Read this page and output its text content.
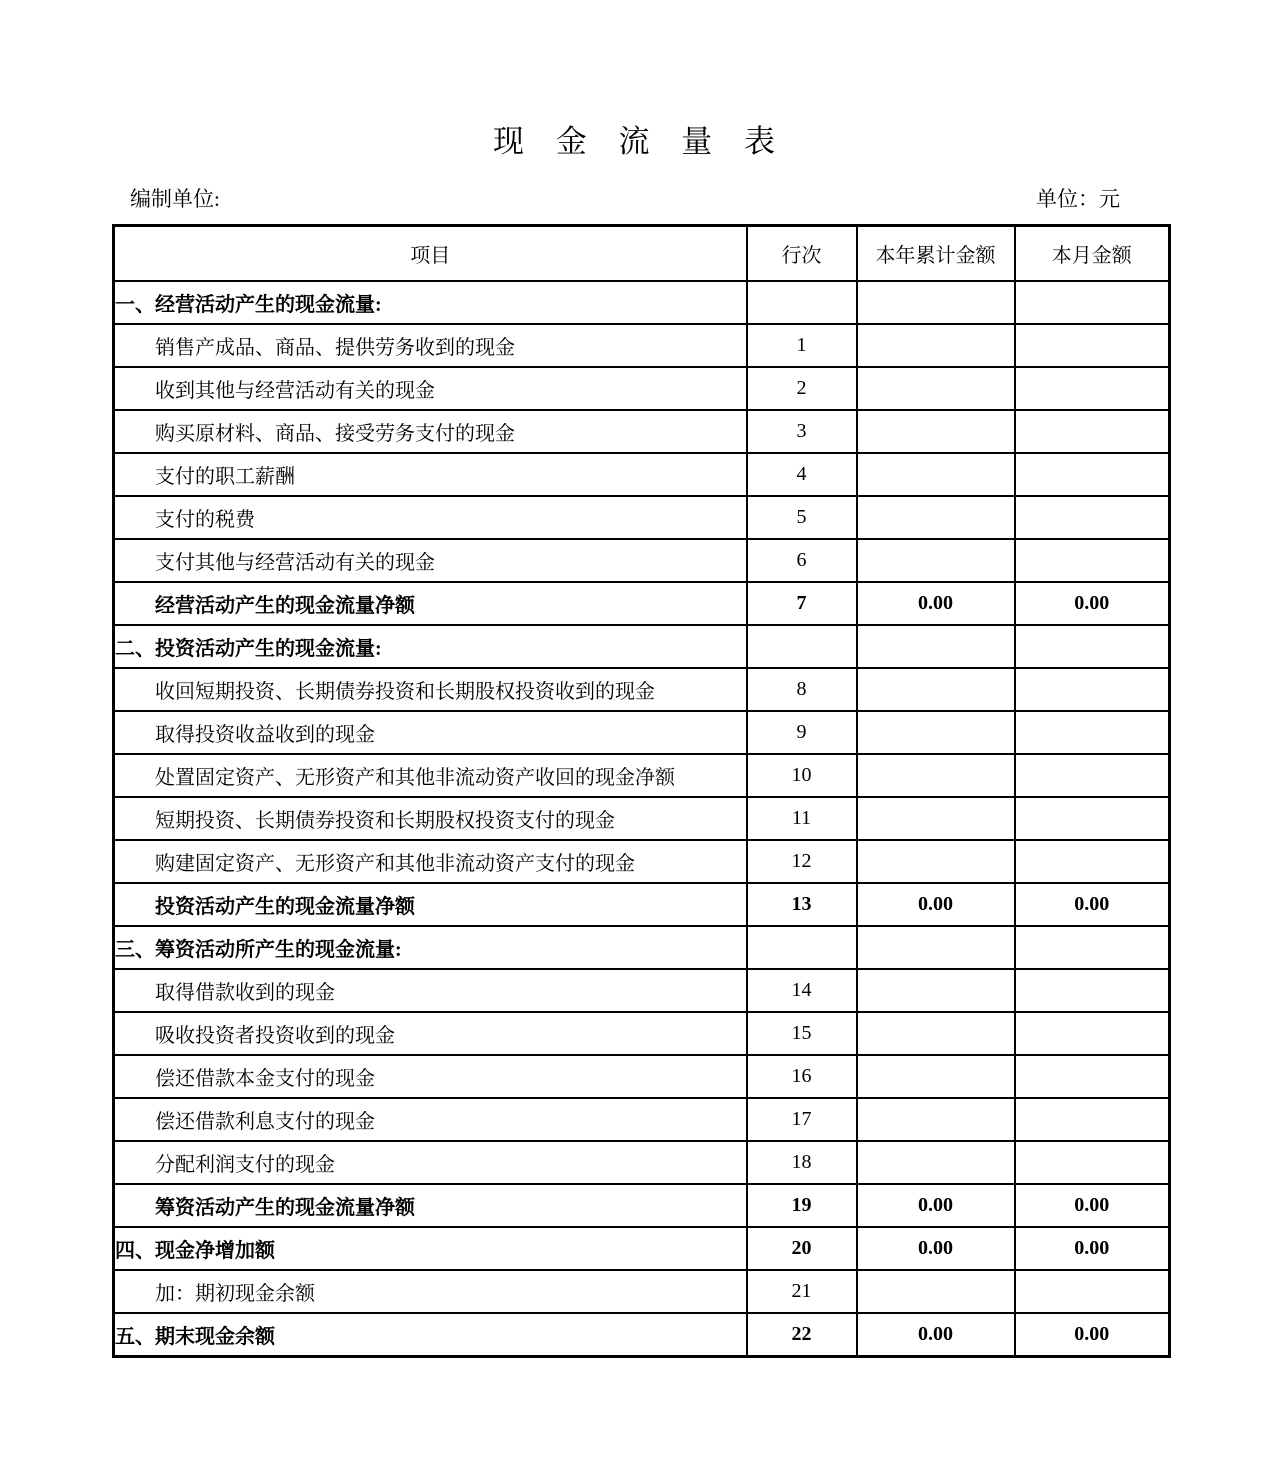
现 金 流 量 表
编制单位:	单位：元
项目	行次	本年累计金额	本月金额
一、经营活动产生的现金流量:			
销售产成品、商品、提供劳务收到的现金	1		
收到其他与经营活动有关的现金	2		
购买原材料、商品、接受劳务支付的现金	3		
支付的职工薪酬	4		
支付的税费	5		
支付其他与经营活动有关的现金	6		
经营活动产生的现金流量净额	7	0.00	0.00
二、投资活动产生的现金流量:			
收回短期投资、长期债券投资和长期股权投资收到的现金	8		
取得投资收益收到的现金	9		
处置固定资产、无形资产和其他非流动资产收回的现金净额	10		
短期投资、长期债券投资和长期股权投资支付的现金	11		
购建固定资产、无形资产和其他非流动资产支付的现金	12		
投资活动产生的现金流量净额	13	0.00	0.00
三、筹资活动所产生的现金流量:			
取得借款收到的现金	14		
吸收投资者投资收到的现金	15		
偿还借款本金支付的现金	16		
偿还借款利息支付的现金	17		
分配利润支付的现金	18		
筹资活动产生的现金流量净额	19	0.00	0.00
四、现金净增加额	20	0.00	0.00
加：期初现金余额	21		
五、期末现金余额	22	0.00	0.00
